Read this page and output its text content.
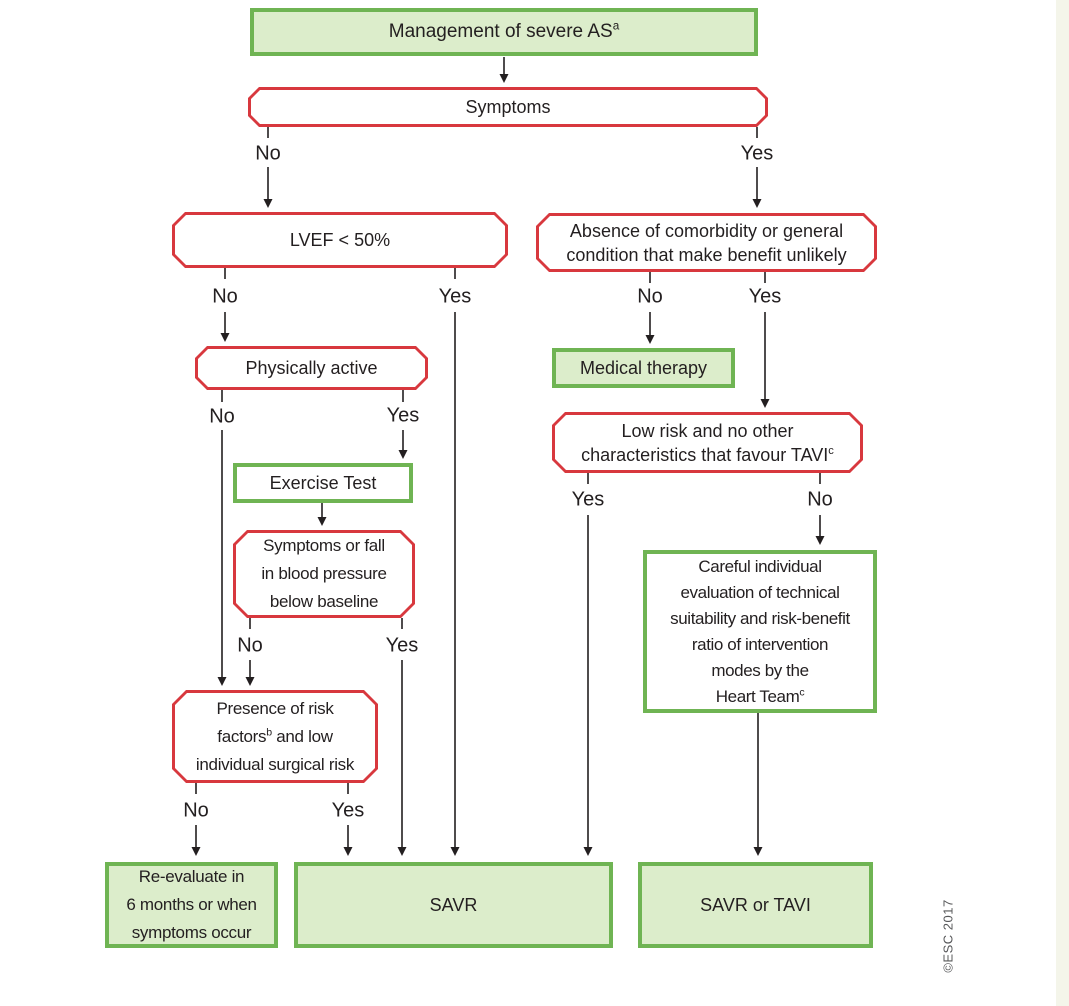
Management of severe $AS^a$
Symptoms
LVEF < 50%	Absence of comorbidity or general
condition that make benefit unlikely
Physically active	Medical therapy
Low risk and no other
characteristics that favour TAVI$^c$
Exercise Test
Symptoms or fall
in blood pressure
below baseline
Presence of risk
factors$^b$ and low
individual surgical risk
Careful individual
evaluation of technical
suitability and risk-benefit
ratio of intervention
modes by the
Heart Team$^c$
Re-evaluate in
6 months or when
symptoms occur
SAVR	SAVR or TAVI
No	Yes
No	Yes	No	Yes
No	Yes
No	Yes
No	Yes
Yes	No
©ESC 2017
